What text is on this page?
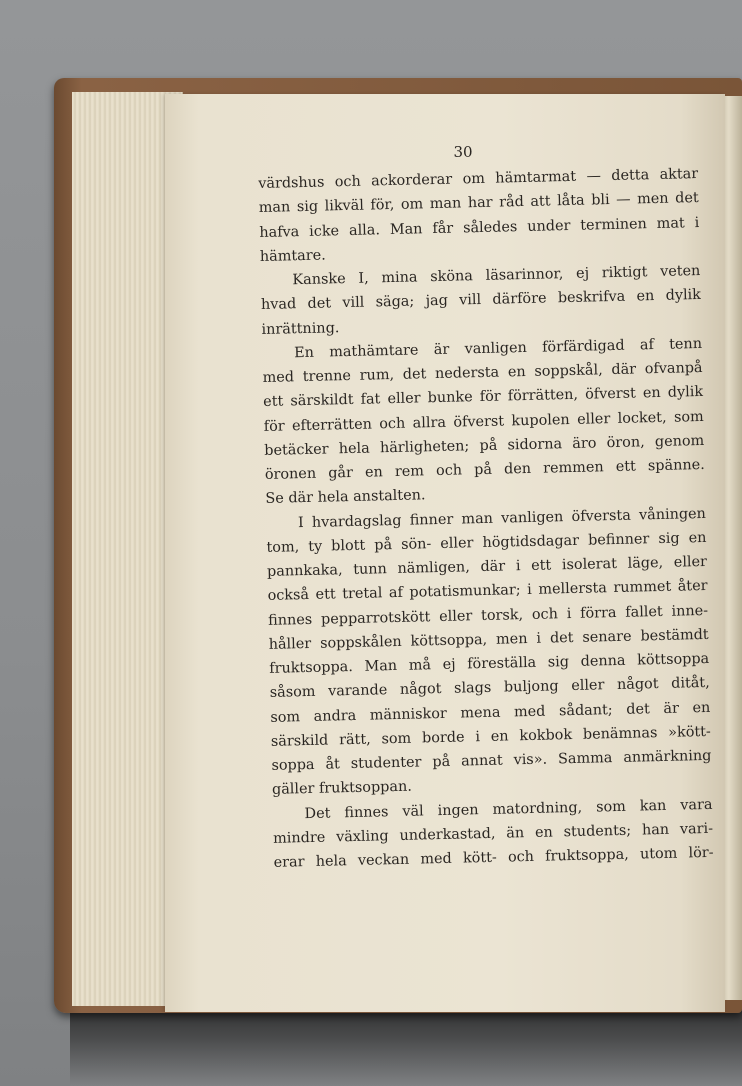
30
värdshus och ackorderar om hämtarmat — detta aktar
man sig likväl för, om man har råd att låta bli — men det
hafva icke alla. Man får således under terminen mat i
hämtare.
Kanske I, mina sköna läsarinnor, ej riktigt veten
hvad det vill säga; jag vill därföre beskrifva en dylik
inrättning.
En mathämtare är vanligen förfärdigad af tenn
med trenne rum, det nedersta en soppskål, där ofvanpå
ett särskildt fat eller bunke för förrätten, öfverst en dylik
för efterrätten och allra öfverst kupolen eller locket, som
betäcker hela härligheten; på sidorna äro öron, genom
öronen går en rem och på den remmen ett spänne.
Se där hela anstalten.
I hvardagslag finner man vanligen öfversta våningen
tom, ty blott på sön- eller högtidsdagar befinner sig en
pannkaka, tunn nämligen, där i ett isolerat läge, eller
också ett tretal af potatismunkar; i mellersta rummet åter
finnes pepparrotskött eller torsk, och i förra fallet inne-
håller soppskålen köttsoppa, men i det senare bestämdt
fruktsoppa. Man må ej föreställa sig denna köttsoppa
såsom varande något slags buljong eller något ditåt,
som andra människor mena med sådant; det är en
särskild rätt, som borde i en kokbok benämnas »kött-
soppa åt studenter på annat vis». Samma anmärkning
gäller fruktsoppan.
Det finnes väl ingen matordning, som kan vara
mindre växling underkastad, än en students; han vari-
erar hela veckan med kött- och fruktsoppa, utom lör-
